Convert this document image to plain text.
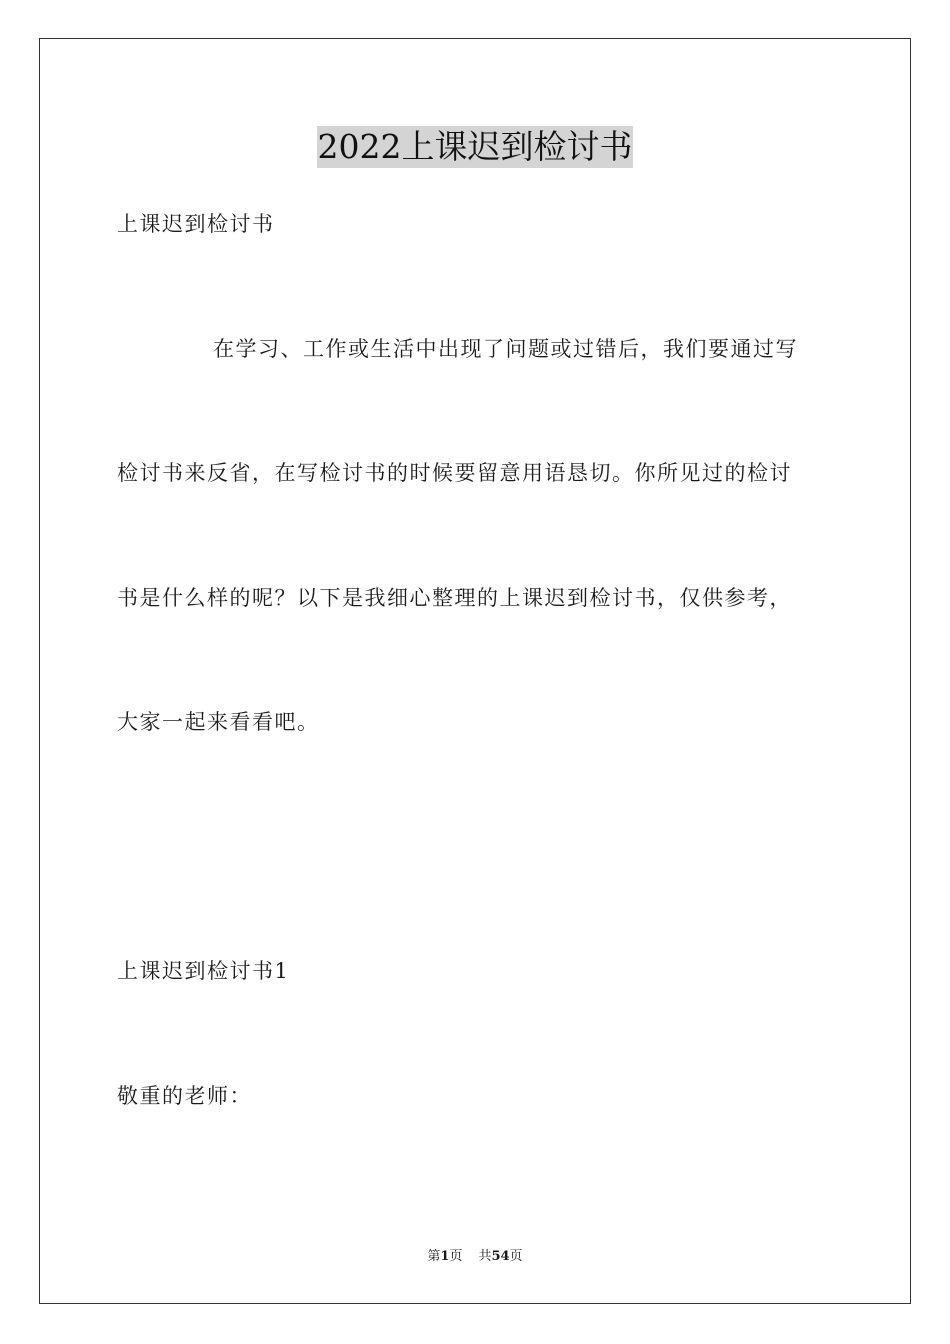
2022上课迟到检讨书
上课迟到检讨书
在学习、工作或生活中出现了问题或过错后，我们要通过写
检讨书来反省，在写检讨书的时候要留意用语恳切。你所见过的检讨
书是什么样的呢？以下是我细心整理的上课迟到检讨书，仅供参考，
大家一起来看看吧。
上课迟到检讨书1
敬重的老师：
第1页 共54页
